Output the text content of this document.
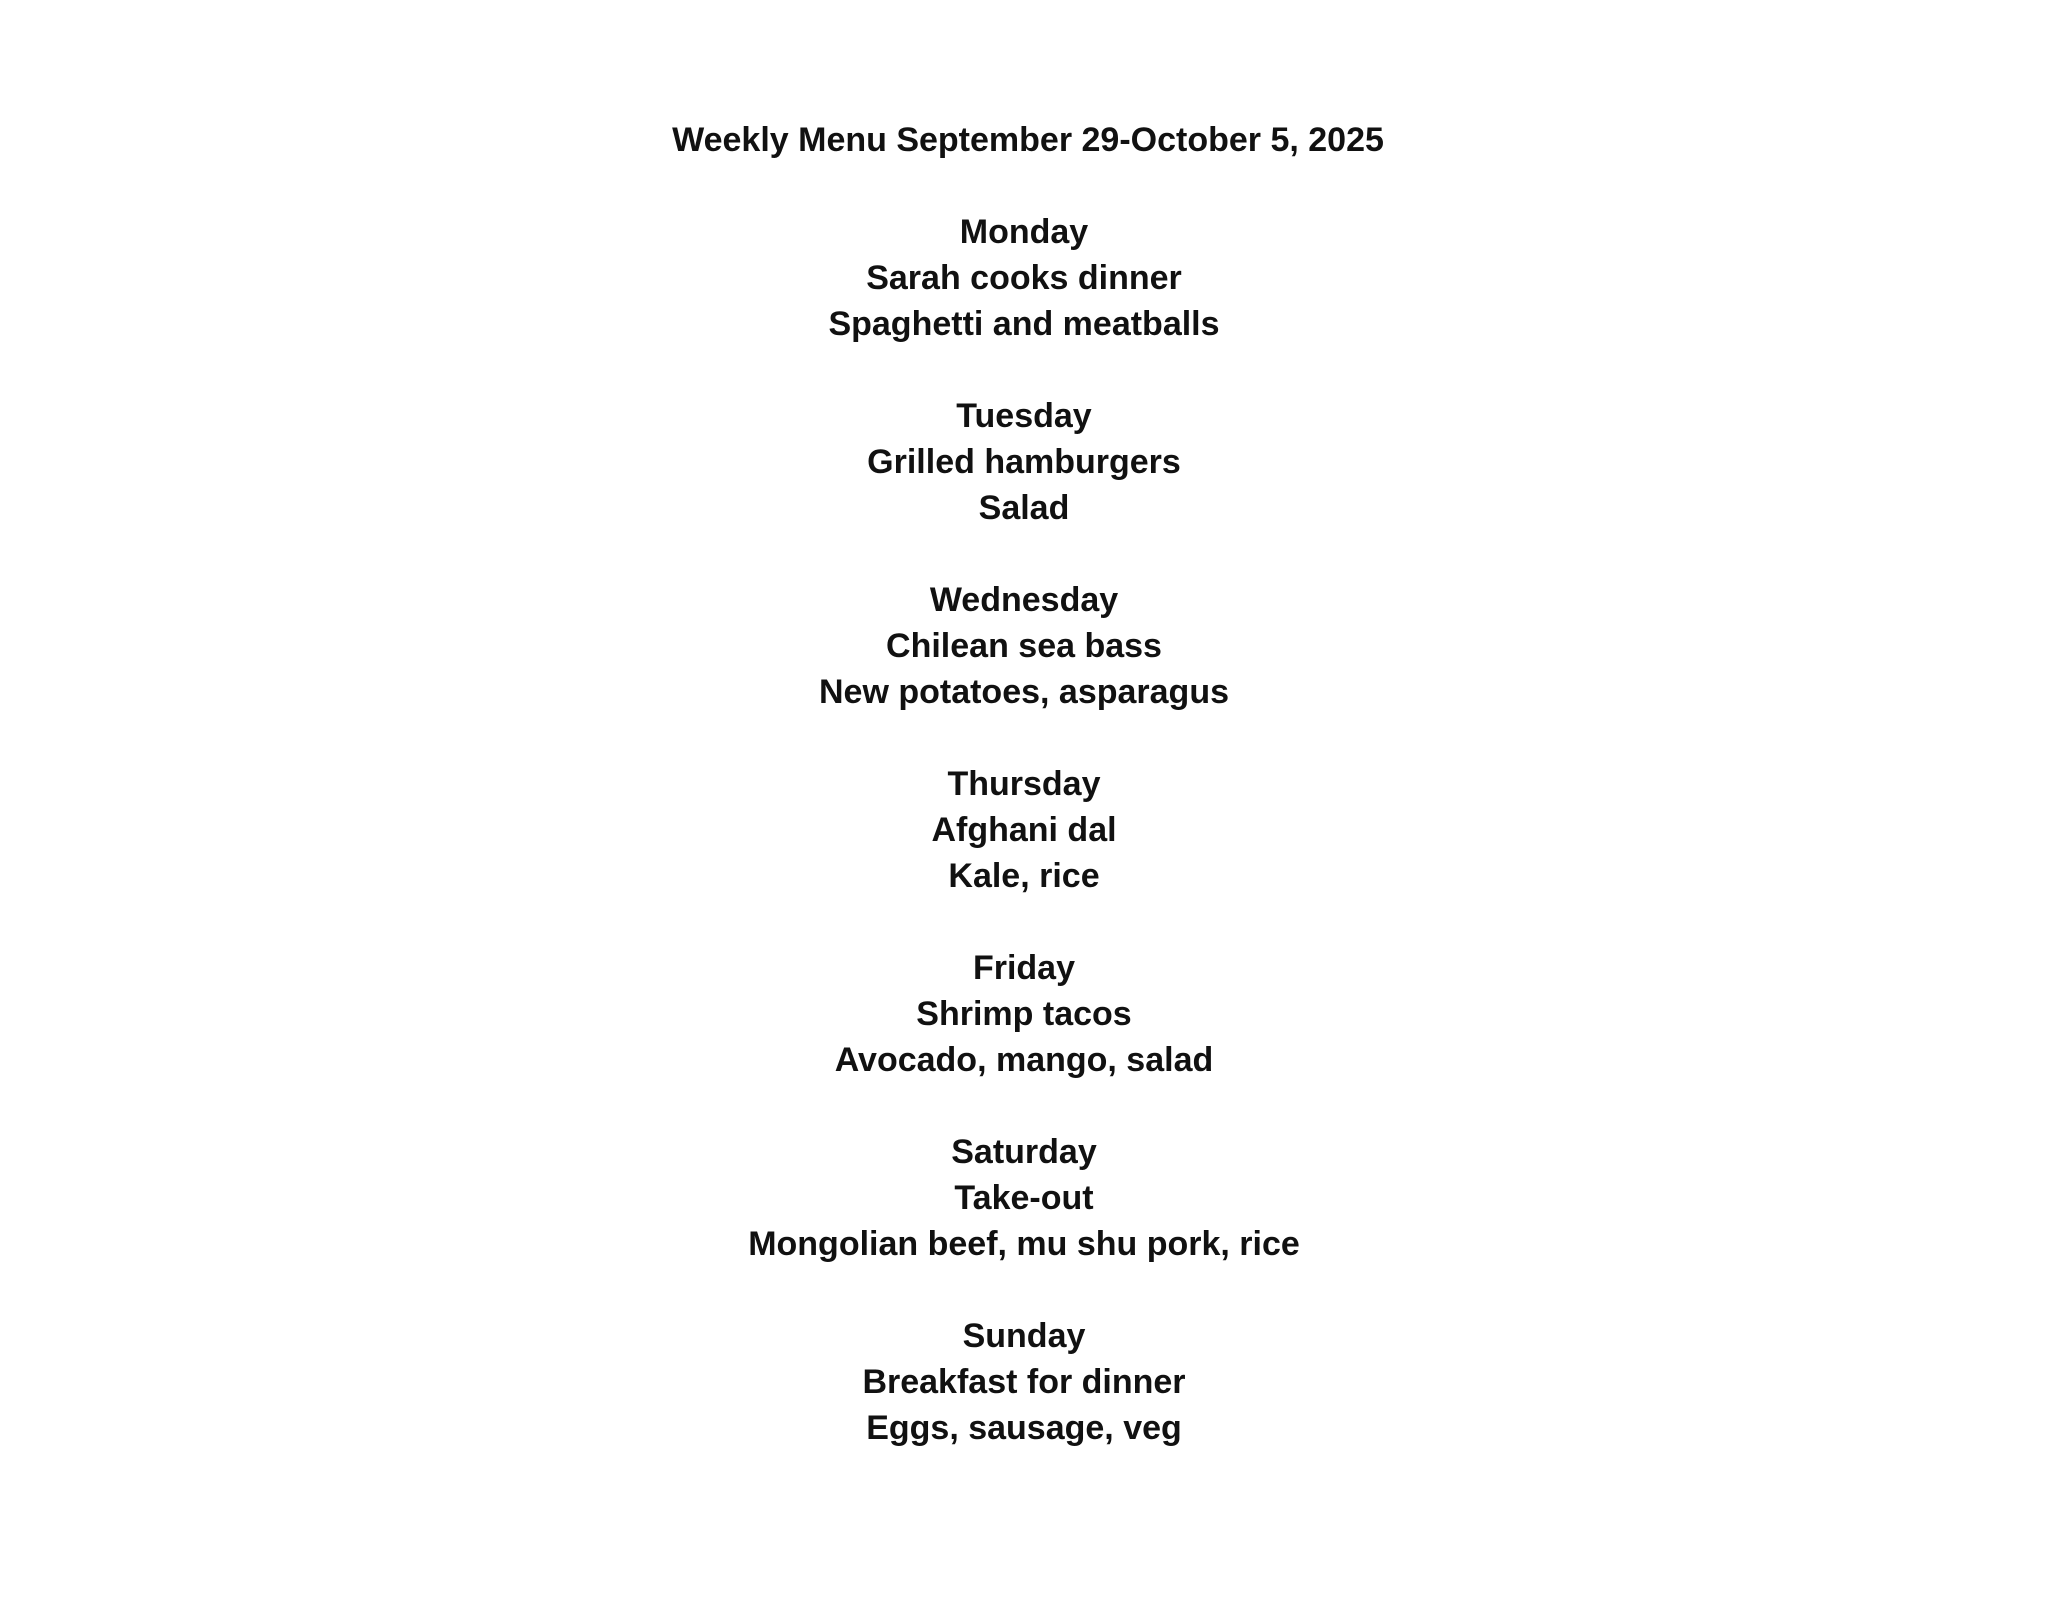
Weekly Menu September 29-October 5, 2025
Monday
Sarah cooks dinner
Spaghetti and meatballs
Tuesday
Grilled hamburgers
Salad
Wednesday
Chilean sea bass
New potatoes, asparagus
Thursday
Afghani dal
Kale, rice
Friday
Shrimp tacos
Avocado, mango, salad
Saturday
Take-out
Mongolian beef, mu shu pork, rice
Sunday
Breakfast for dinner
Eggs, sausage, veg
